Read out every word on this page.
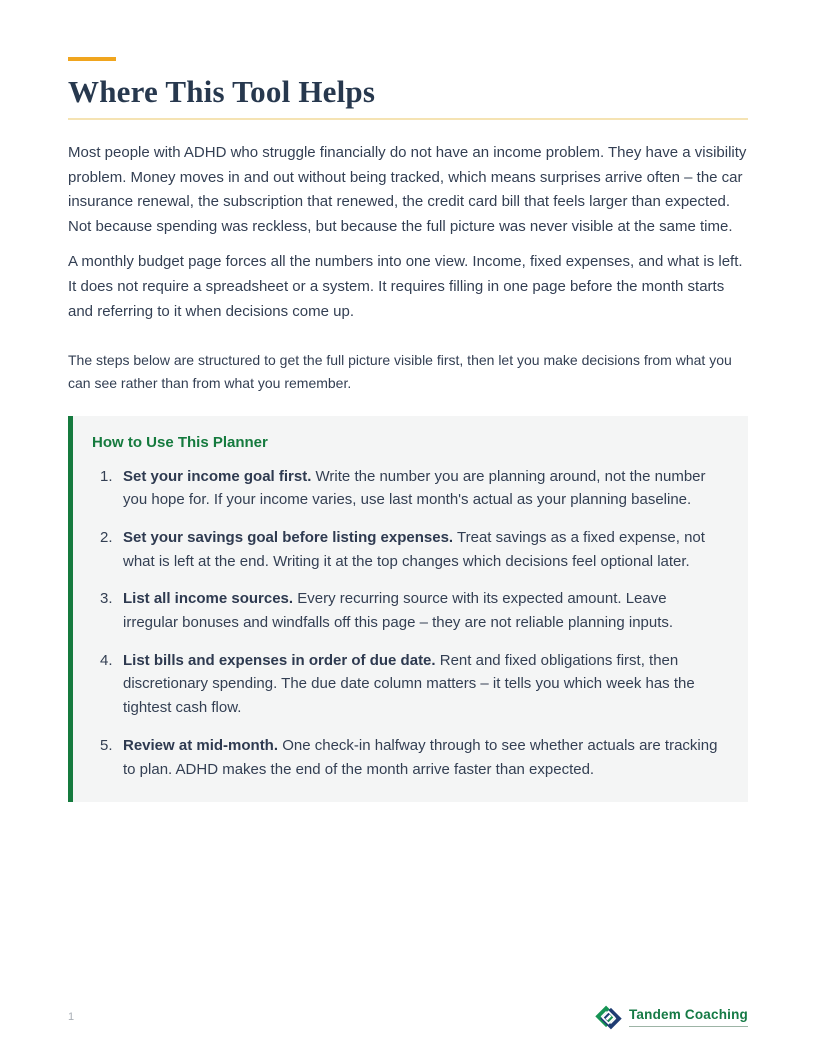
Where This Tool Helps

Most people with ADHD who struggle financially do not have an income problem. They have a visibility problem. Money moves in and out without being tracked, which means surprises arrive often – the car insurance renewal, the subscription that renewed, the credit card bill that feels larger than expected. Not because spending was reckless, but because the full picture was never visible at the same time.

A monthly budget page forces all the numbers into one view. Income, fixed expenses, and what is left. It does not require a spreadsheet or a system. It requires filling in one page before the month starts and referring to it when decisions come up.

The steps below are structured to get the full picture visible first, then let you make decisions from what you can see rather than from what you remember.

How to Use This Planner
1. Set your income goal first. Write the number you are planning around, not the number you hope for. If your income varies, use last month's actual as your planning baseline.
2. Set your savings goal before listing expenses. Treat savings as a fixed expense, not what is left at the end. Writing it at the top changes which decisions feel optional later.
3. List all income sources. Every recurring source with its expected amount. Leave irregular bonuses and windfalls off this page – they are not reliable planning inputs.
4. List bills and expenses in order of due date. Rent and fixed obligations first, then discretionary spending. The due date column matters – it tells you which week has the tightest cash flow.
5. Review at mid-month. One check-in halfway through to see whether actuals are tracking to plan. ADHD makes the end of the month arrive faster than expected.
1	Tandem Coaching
